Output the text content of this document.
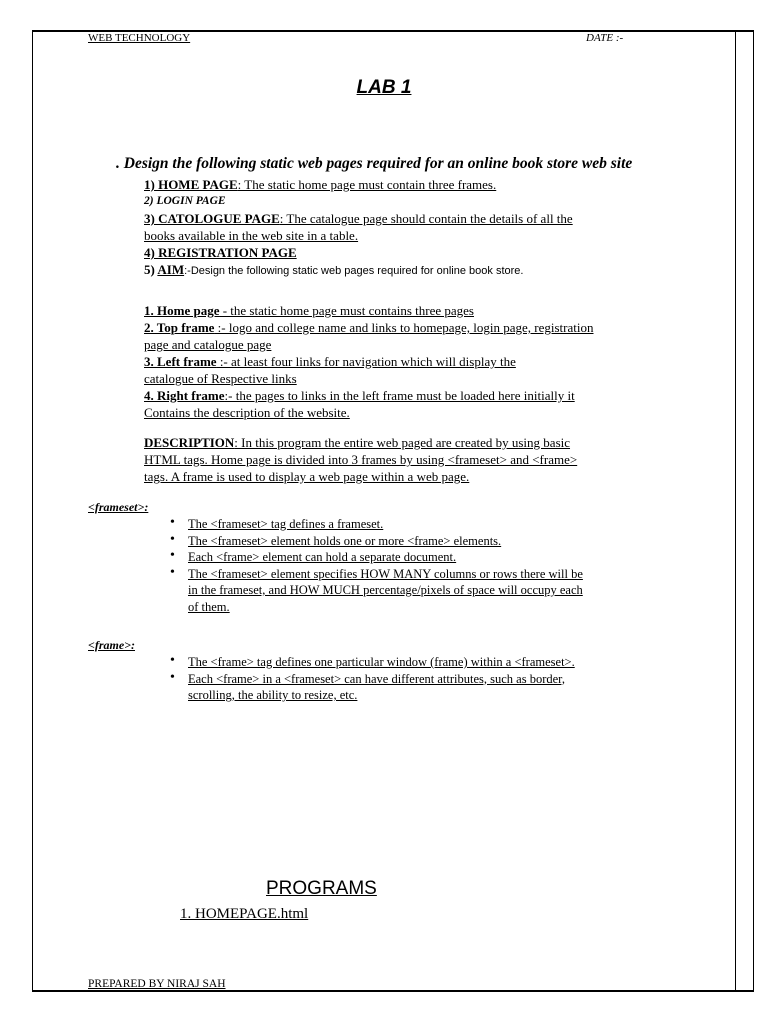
WEB TECHNOLOGY	DATE :-
LAB 1
. Design the following static web pages required for an online book store web site
1) HOME PAGE: The static home page must contain three frames.
2) LOGIN PAGE
3) CATOLOGUE PAGE: The catalogue page should contain the details of all the
books available in the web site in a table.
4) REGISTRATION PAGE
5) AIM:-Design the following static web pages required for online book store.
1. Home page - the static home page must contains three pages
2. Top frame :- logo and college name and links to homepage, login page, registration
page and catalogue page
3. Left frame :- at least four links for navigation which will display the
catalogue of Respective links
4. Right frame:- the pages to links in the left frame must be loaded here initially it
Contains the description of the website.
DESCRIPTION: In this program the entire web paged are created by using basic
HTML tags. Home page is divided into 3 frames by using <frameset> and <frame>
tags. A frame is used to display a web page within a web page.
<frameset>:
• The <frameset> tag defines a frameset.
• The <frameset> element holds one or more <frame> elements.
• Each <frame> element can hold a separate document.
• The <frameset> element specifies HOW MANY columns or rows there will be
in the frameset, and HOW MUCH percentage/pixels of space will occupy each
of them.
<frame>:
• The <frame> tag defines one particular window (frame) within a <frameset>.
• Each <frame> in a <frameset> can have different attributes, such as border,
scrolling, the ability to resize, etc.
PROGRAMS
1. HOMEPAGE.html
PREPARED BY NIRAJ SAH
